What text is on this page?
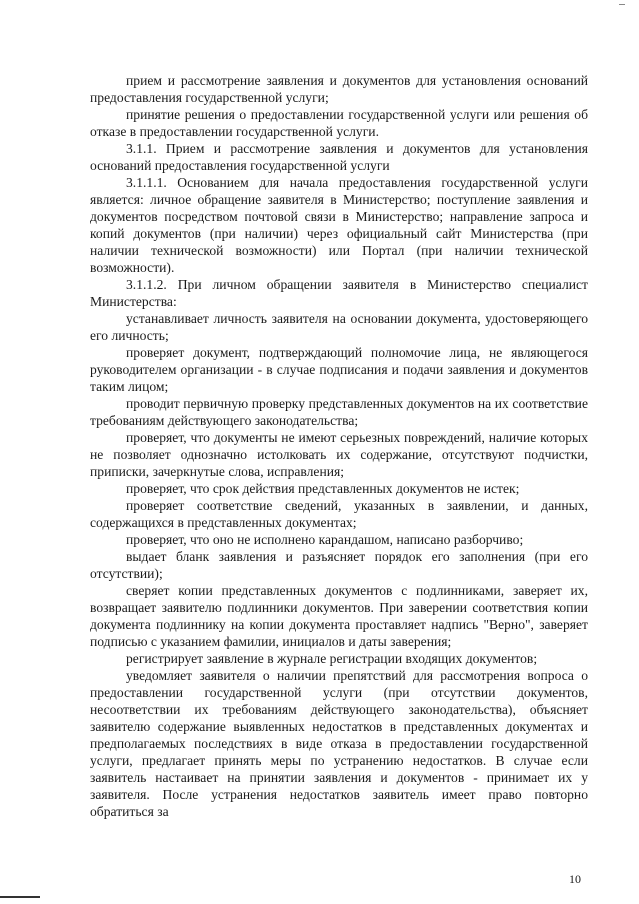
прием и рассмотрение заявления и документов для установления оснований предоставления государственной услуги;

принятие решения о предоставлении государственной услуги или решения об отказе в предоставлении государственной услуги.

3.1.1. Прием и рассмотрение заявления и документов для установления оснований предоставления государственной услуги

3.1.1.1. Основанием для начала предоставления государственной услуги является: личное обращение заявителя в Министерство; поступление заявления и документов посредством почтовой связи в Министерство; направление запроса и копий документов (при наличии) через официальный сайт Министерства (при наличии технической возможности) или Портал (при наличии технической возможности).

3.1.1.2. При личном обращении заявителя в Министерство специалист Министерства:

устанавливает личность заявителя на основании документа, удостоверяющего его личность;

проверяет документ, подтверждающий полномочие лица, не являющегося руководителем организации - в случае подписания и подачи заявления и документов таким лицом;

проводит первичную проверку представленных документов на их соответствие требованиям действующего законодательства;

проверяет, что документы не имеют серьезных повреждений, наличие которых не позволяет однозначно истолковать их содержание, отсутствуют подчистки, приписки, зачеркнутые слова, исправления;

проверяет, что срок действия представленных документов не истек;

проверяет соответствие сведений, указанных в заявлении, и данных, содержащихся в представленных документах;

проверяет, что оно не исполнено карандашом, написано разборчиво;

выдает бланк заявления и разъясняет порядок его заполнения (при его отсутствии);

сверяет копии представленных документов с подлинниками, заверяет их, возвращает заявителю подлинники документов. При заверении соответствия копии документа подлиннику на копии документа проставляет надпись "Верно", заверяет подписью с указанием фамилии, инициалов и даты заверения;

регистрирует заявление в журнале регистрации входящих документов;

уведомляет заявителя о наличии препятствий для рассмотрения вопроса о предоставлении государственной услуги (при отсутствии документов, несоответствии их требованиям действующего законодательства), объясняет заявителю содержание выявленных недостатков в представленных документах и предполагаемых последствиях в виде отказа в предоставлении государственной услуги, предлагает принять меры по устранению недостатков. В случае если заявитель настаивает на принятии заявления и документов - принимает их у заявителя. После устранения недостатков заявитель имеет право повторно обратиться за

10
